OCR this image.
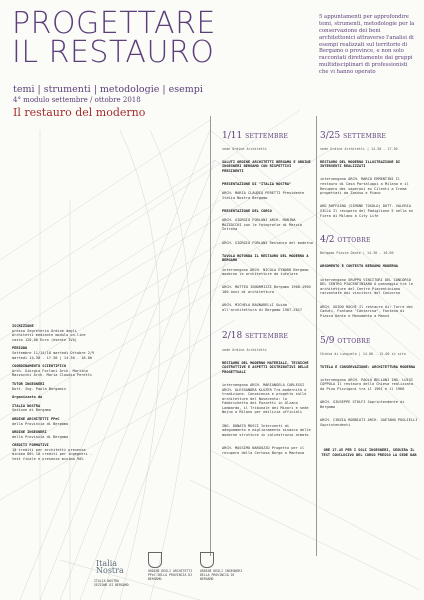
PROGETTARE
IL RESTAURO
temi | strumenti | metodologie | esempi
4° modulo settembre / ottobre 2018
Il restauro del moderno
5 appuntamenti per approfondire temi, strumenti, metodologie per la conservazione dei beni architettonici attraverso l'analisi di esempi realizzati sul territorio di Bergamo o province, e non solo raccontati direttamente dai gruppi multidisciplinari di professionisti che vi hanno operato

1/11 SETTEMBRE

sede Ordine Architetti

SALUTI ORDINE ARCHITETTI BERGAMO E ORDINE INGEGNERI BERGAMO CON RISPETTIVI PRESIDENTI

PRESENTAZIONE DI "ITALIA NOSTRA"

ARCH. MARIA CLAUDIA PERETTI Presidente Italia Nostra Bergamo

PRESENTAZIONE DEL CORSO

ARCH. GIORGIO FORLANI ARCH. MARINA MAZZOCCHI con le fotografie di Marzio Introna

ARCH. GIORGIO FORLANI Restauro del moderno

TAVOLA ROTONDA IL RESTAURO DEL MODERNO A BERGAMO

intervengono ARCH. NICOLA EYNARD Bergamo moderno le architetture da tutelare

ARCH. MATTEO IGNORMIZZI Bergamo 1900-1950 100 anni di architettura

ARCH. MICHELA BAGNARELLI Guida all'architettura di Bergamo 1907-2017

2/18 SETTEMBRE

sede Ordine Architetti

RESTAURO DEL MODERNO MATERIALI, TECNICHE COSTRUTTIVE E ASPETTI DISTRIBUTIVI DELLE PROGETTUALI

intervengono ARCH. MARIANGELA CARLESSI ARCH. ALESSANDRA KLUZER Tra modernità e tradizione. Conoscenza e progetto sulle architetture del Novecento: la Fabbrichetta dei Pozzetti in Alzano Lombardo, il Tribunale dei Minori e sede Wojno a Milano per edilizia ufficiali

ING. DONATO MUSCI Interventi di adeguamento e miglioramento sismico delle moderne strutture in calcestruzzo armato

ARCH. MASSIMO NAROUZZO Progetto per il recupero della Certosa Borgo a Mantova

3/25 SETTEMBRE

sede Ordine Architetti | 14.30 - 17.30

RESTAURO DEL MODERNO ILLUSTRAZIONE DI INTERVENTI REALIZZATI

intervengono ARCH. MARCO ERMENTINI Il restauro di Casa Portaluppi a Milano e il Recupero dei saperoni ex Cilenti a Crema progettati da Zanuso e Piano

ARD ROFFAINO (SIMONE TOSOLO) DOTT. VALERIA VILLA Il recupero del Padiglione 5 nella ex Fiera di Milano a City Life

4/2 OTTOBRE

Bergamo Piazza Dante | 14.30 - 18.00

ARGOMENTO E CONTESTO BERGAMO MODERNA

intervengono GRUPPO VINCITORI DEL CONCORSO DEL CENTRO PIACENTINIANO A passeggio tra le architetture del Centro Piacentiniano raccontate dai vincitori del Concorso

ARCH. GUIDO ROCHI Il restauro di: Torre dei Caduti, Fontana "Contarina", Fontana di Piazza Dante e Monumento a Manzù

5/9 OTTOBRE

Chiesa di Longuelo | 14.00 - 15.00 in sito

TUTELA E CONSERVAZIONE: ARCHITETTURA MODERNA

intervengono ARCH. PAOLO BELLONI ING. LUIGI COPPOLA Il restauro della Chiesa realizzata da Pino Pizzigoni tra il 1961 e il 1966

ARCH. GIUSEPPE STOLFI Soprintendente di Bergamo

ARCH. CINZIA ROBBIATI ARCH. GAETANO PUGLIELLI Soprintendenti

ORE 17.45 PER I SOLI INGEGNERI, SEGUIRà IL TEST CONCLUSIVO DEL CORSO PRESSO LA SEDE DAB

ISCRIZIONE
presso Segreteria Ordine degli Architetti mediante modulo on-line costo 120,00 Euro (esente IVA)
PERIODO
Settembre 11/14/18 martedì Ottobre 2/9 martedì 14.30 - 17.30 | 14.30 - 18.00
COORDINAMENTO SCIENTIFICO
Arch. Giorgio Forlani Arch. Martina Mazzocchi Arch. Maria Claudia Peretti
TUTOR INGEGNERI
Dott. Ing. Paola Bergamin
Organizzato da
ITALIA NOSTRA
Sezione di Bergamo
ORDINE ARCHITETTI PPeC
della Provincia di Bergamo
ORDINE INGEGNERI
della Provincia di Bergamo
CREDITI FORMATIVI
10 crediti per architetti presenza minima 80% 10 crediti per ingegneri - test finale e presenza minima 90%
Italia
Nostra
ITALIA NOSTRA SEZIONE DI BERGAMO
ORDINE DEGLI ARCHITETTI PPeC DELLA PROVINCIA DI BERGAMO
ORDINE DEGLI INGEGNERI DELLA PROVINCIA DI BERGAMO
